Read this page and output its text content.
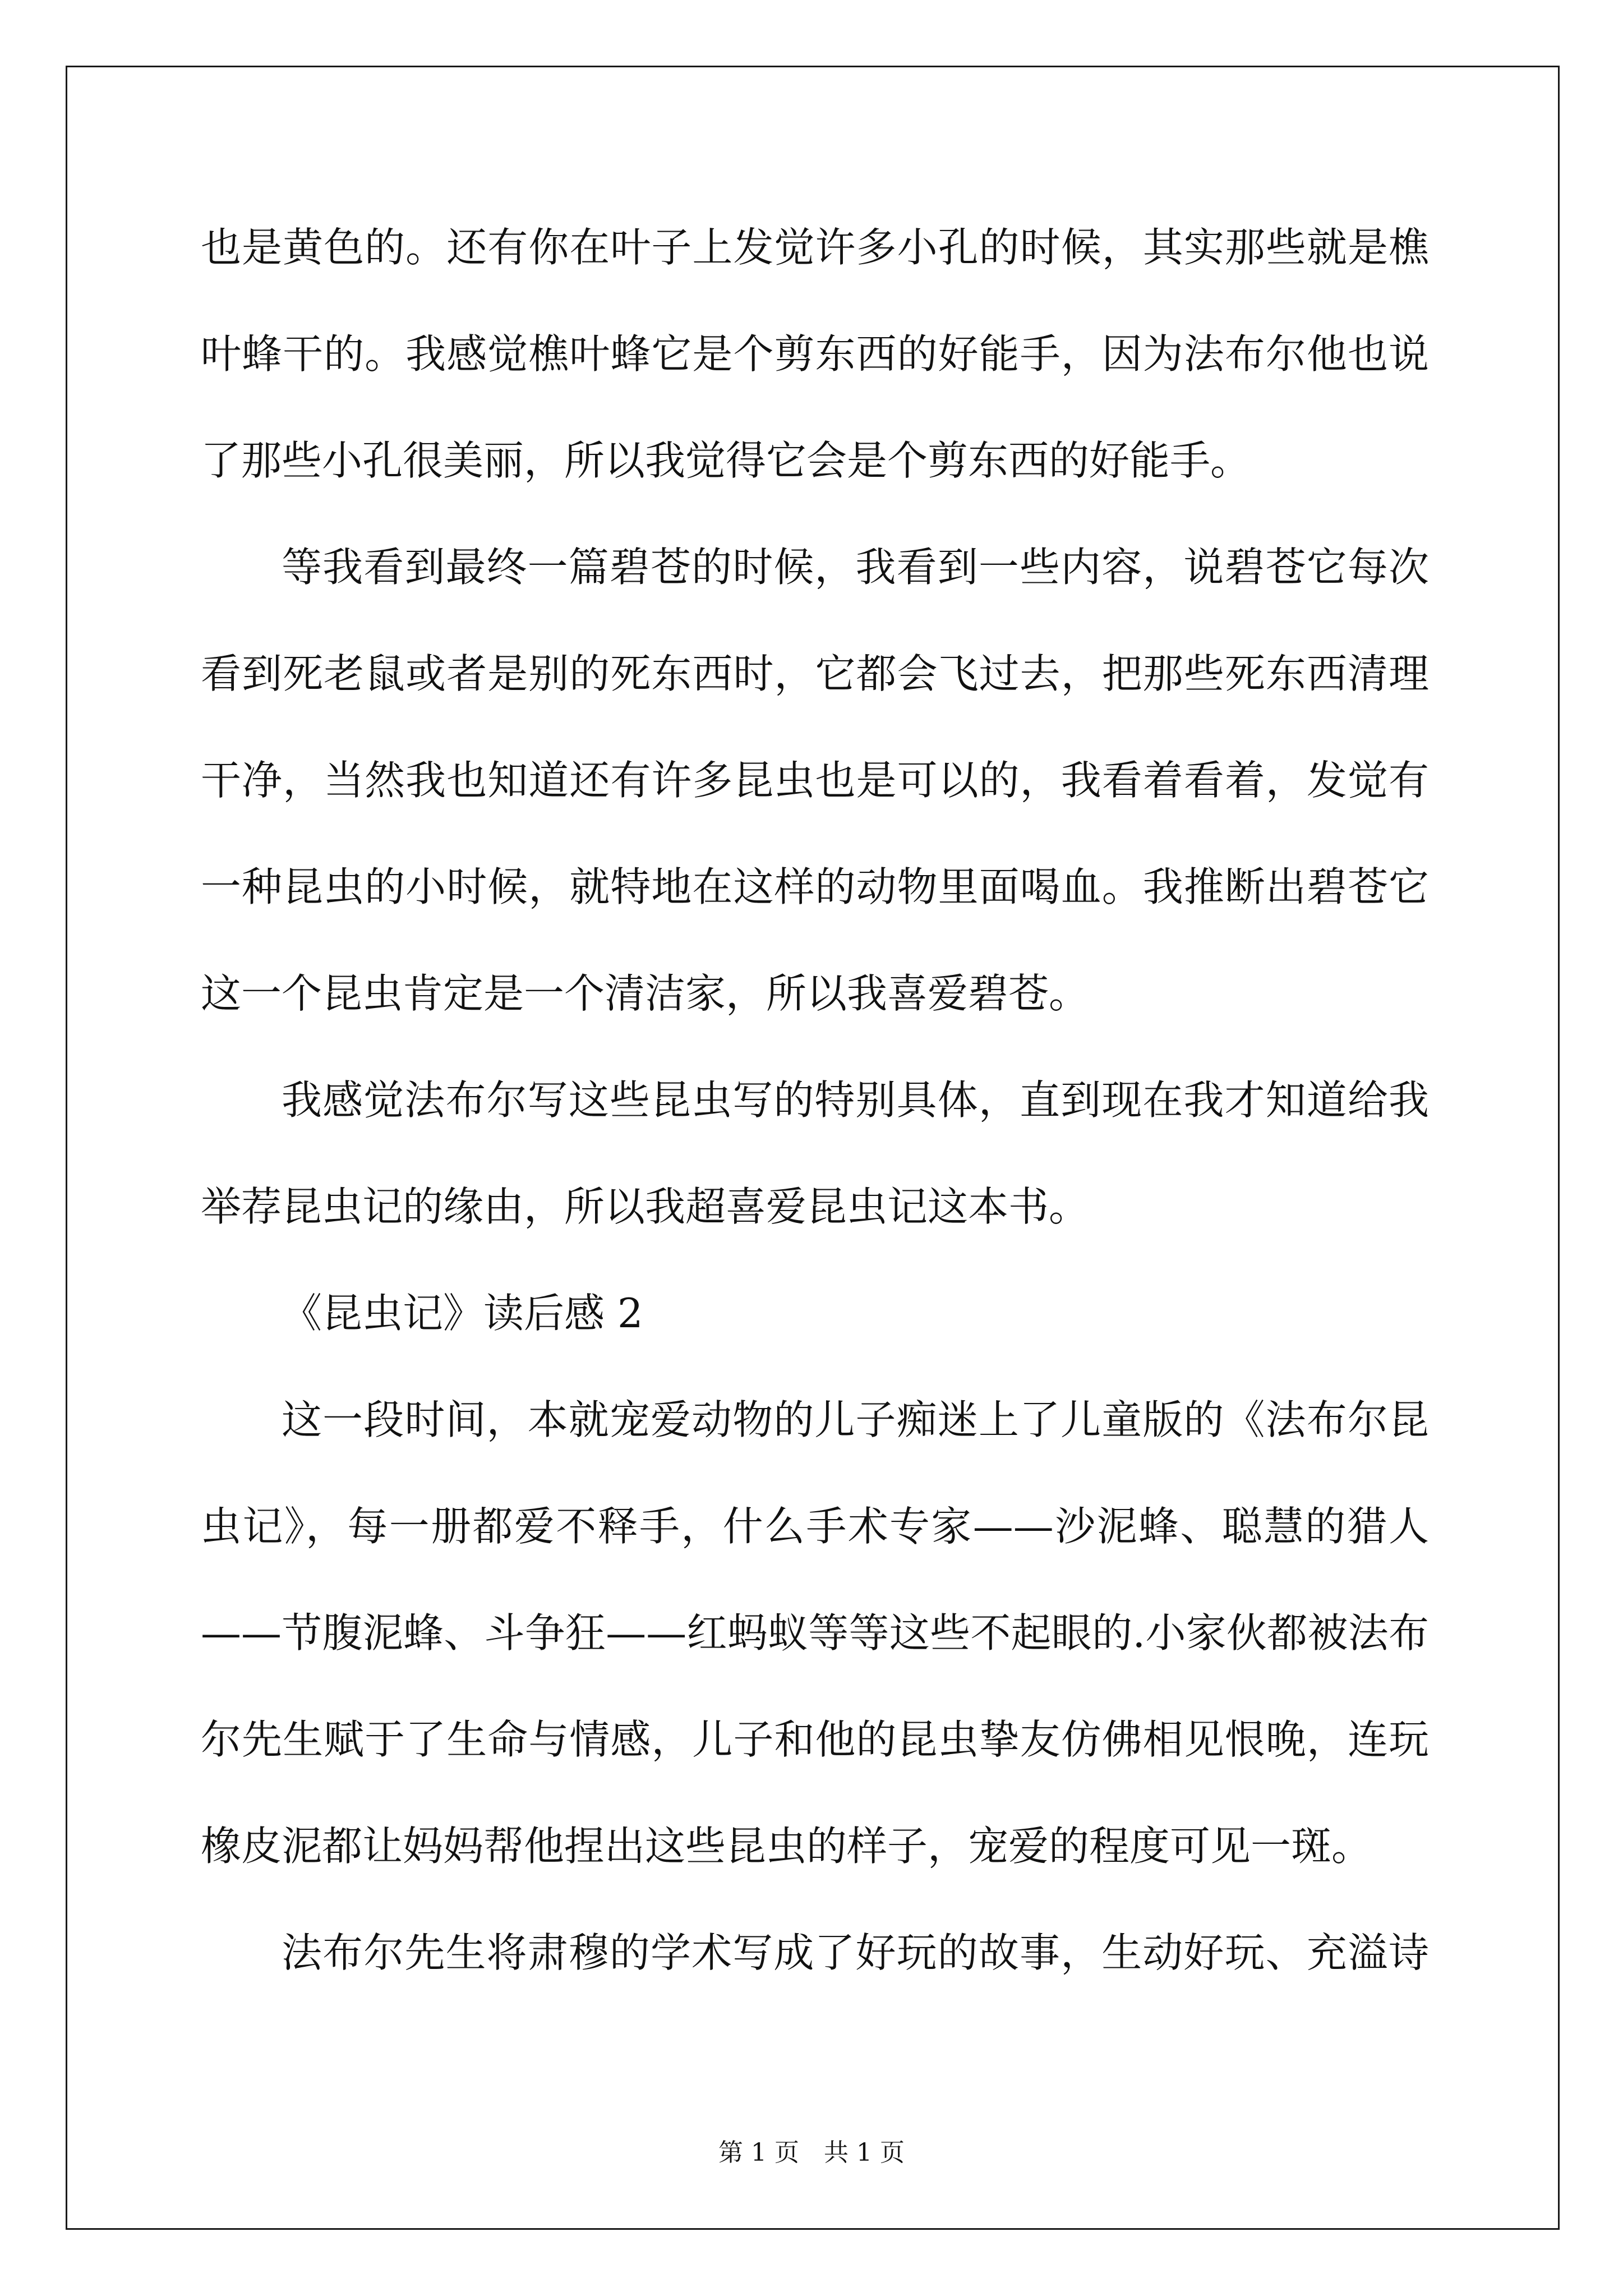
也是黄色的。还有你在叶子上发觉许多小孔的时候，其实那些就是樵
叶蜂干的。我感觉樵叶蜂它是个剪东西的好能手，因为法布尔他也说
了那些小孔很美丽，所以我觉得它会是个剪东西的好能手。
等我看到最终一篇碧苍的时候，我看到一些内容，说碧苍它每次
看到死老鼠或者是别的死东西时，它都会飞过去，把那些死东西清理
干净，当然我也知道还有许多昆虫也是可以的，我看着看着，发觉有
一种昆虫的小时候，就特地在这样的动物里面喝血。我推断出碧苍它
这一个昆虫肯定是一个清洁家，所以我喜爱碧苍。
我感觉法布尔写这些昆虫写的特别具体，直到现在我才知道给我
举荐昆虫记的缘由，所以我超喜爱昆虫记这本书。
《昆虫记》读后感 2
这一段时间，本就宠爱动物的儿子痴迷上了儿童版的《法布尔昆
虫记》，每一册都爱不释手，什么手术专家——沙泥蜂、聪慧的猎人
——节腹泥蜂、斗争狂——红蚂蚁等等这些不起眼的.小家伙都被法布
尔先生赋于了生命与情感，儿子和他的昆虫挚友仿佛相见恨晚，连玩
橡皮泥都让妈妈帮他捏出这些昆虫的样子，宠爱的程度可见一斑。
法布尔先生将肃穆的学术写成了好玩的故事，生动好玩、充溢诗
第 1 页　共 1 页
